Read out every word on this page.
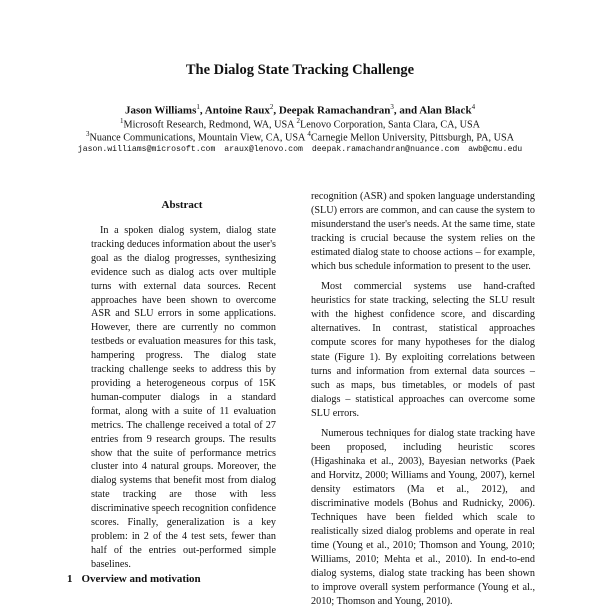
The Dialog State Tracking Challenge
Jason Williams$^1$, Antoine Raux$^2$, Deepak Ramachandran$^3$, and Alan Black$^4$
$^1$Microsoft Research, Redmond, WA, USA $^2$Lenovo Corporation, Santa Clara, CA, USA
$^3$Nuance Communications, Mountain View, CA, USA $^4$Carnegie Mellon University, Pittsburgh, PA, USA
jason.williams@microsoft.com araux@lenovo.com deepak.ramachandran@nuance.com awb@cmu.edu
Abstract

In a spoken dialog system, dialog state tracking deduces information about the user's goal as the dialog progresses, synthesizing evidence such as dialog acts over multiple turns with external data sources. Recent approaches have been shown to overcome ASR and SLU errors in some applications. However, there are currently no common testbeds or evaluation measures for this task, hampering progress. The dialog state tracking challenge seeks to address this by providing a heterogeneous corpus of 15K human-computer dialogs in a standard format, along with a suite of 11 evaluation metrics. The challenge received a total of 27 entries from 9 research groups. The results show that the suite of performance metrics cluster into 4 natural groups. Moreover, the dialog systems that benefit most from dialog state tracking are those with less discriminative speech recognition confidence scores. Finally, generalization is a key problem: in 2 of the 4 test sets, fewer than half of the entries out-performed simple baselines.

1 Overview and motivation

recognition (ASR) and spoken language understanding (SLU) errors are common, and can cause the system to misunderstand the user's needs. At the same time, state tracking is crucial because the system relies on the estimated dialog state to choose actions – for example, which bus schedule information to present to the user.

Most commercial systems use hand-crafted heuristics for state tracking, selecting the SLU result with the highest confidence score, and discarding alternatives. In contrast, statistical approaches compute scores for many hypotheses for the dialog state (Figure 1). By exploiting correlations between turns and information from external data sources – such as maps, bus timetables, or models of past dialogs – statistical approaches can overcome some SLU errors.

Numerous techniques for dialog state tracking have been proposed, including heuristic scores (Higashinaka et al., 2003), Bayesian networks (Paek and Horvitz, 2000; Williams and Young, 2007), kernel density estimators (Ma et al., 2012), and discriminative models (Bohus and Rudnicky, 2006). Techniques have been fielded which scale to realistically sized dialog problems and operate in real time (Young et al., 2010; Thomson and Young, 2010; Williams, 2010; Mehta et al., 2010). In end-to-end dialog systems, dialog state tracking has been shown to improve overall system performance (Young et al., 2010; Thomson and Young, 2010).
